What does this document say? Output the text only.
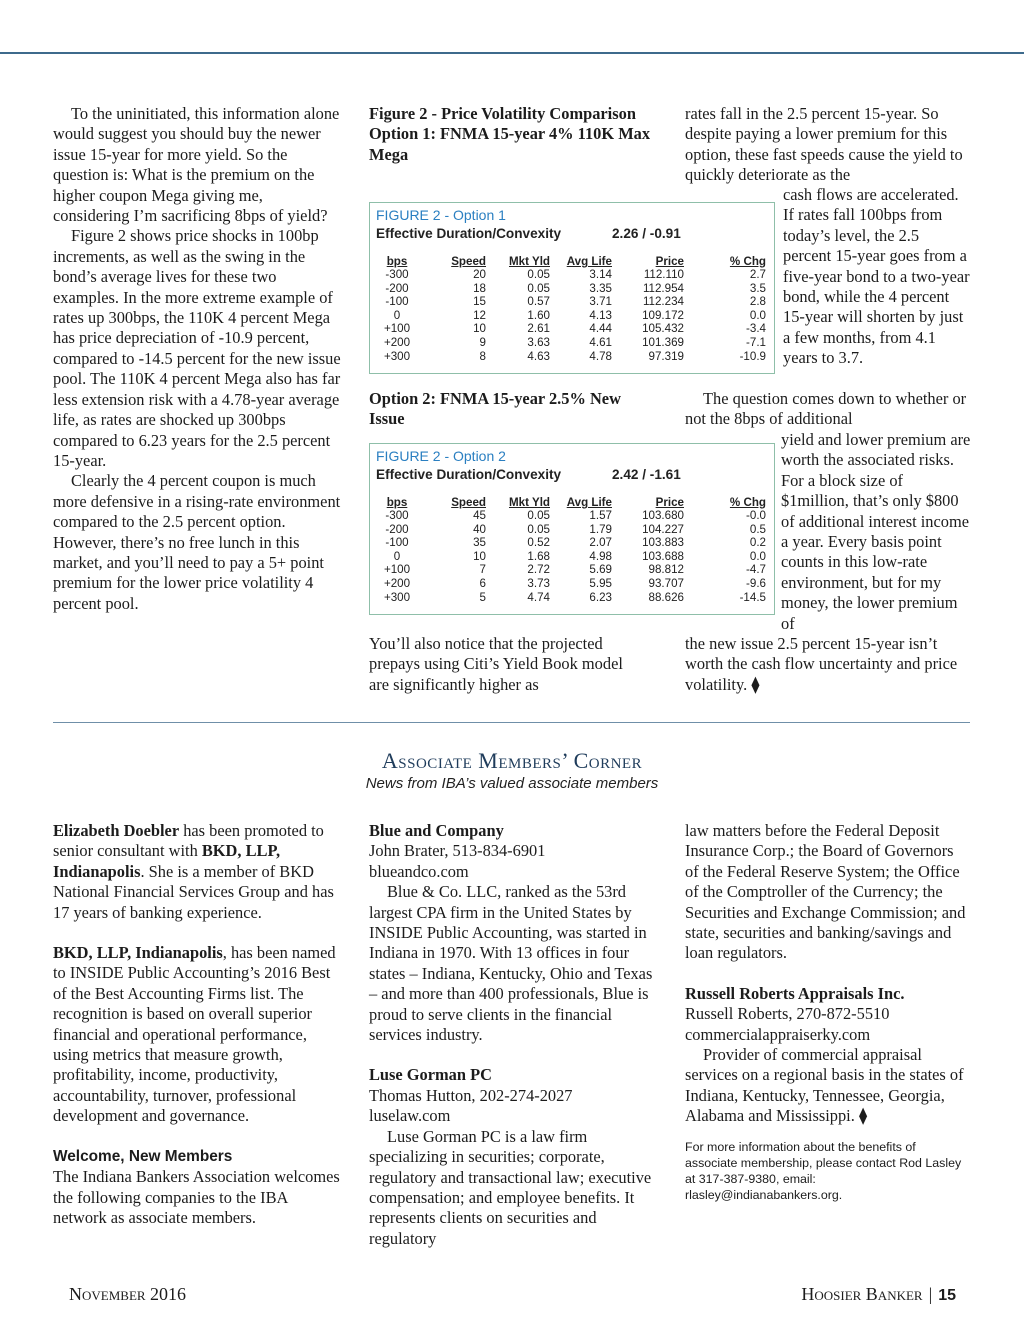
To the uninitiated, this information alone would suggest you should buy the newer issue 15-year for more yield. So the question is: What is the premium on the higher coupon Mega giving me, considering I’m sacrificing 8bps of yield?

Figure 2 shows price shocks in 100bp increments, as well as the swing in the bond’s average lives for these two examples. In the more extreme example of rates up 300bps, the 110K 4 percent Mega has price depreciation of -10.9 percent, compared to -14.5 percent for the new issue pool. The 110K 4 percent Mega also has far less extension risk with a 4.78-year average life, as rates are shocked up 300bps compared to 6.23 years for the 2.5 percent 15-year.

Clearly the 4 percent coupon is much more defensive in a rising-rate environment compared to the 2.5 percent option. However, there’s no free lunch in this market, and you’ll need to pay a 5+ point premium for the lower price volatility 4 percent pool.

Figure 2 - Price Volatility Comparison

Option 1: FNMA 15-year 4% 110K Max Mega

FIGURE 2 - Option 1
Effective Duration/Convexity	2.26 / -0.91
bps	Speed	Mkt Yld	Avg Life	Price	% Chg
-300	20	0.05	3.14	112.110	2.7
-200	18	0.05	3.35	112.954	3.5
-100	15	0.57	3.71	112.234	2.8
0	12	1.60	4.13	109.172	0.0
+100	10	2.61	4.44	105.432	-3.4
+200	9	3.63	4.61	101.369	-7.1
+300	8	4.63	4.78	97.319	-10.9

Option 2: FNMA 15-year 2.5% New Issue

FIGURE 2 - Option 2
Effective Duration/Convexity	2.42 / -1.61
bps	Speed	Mkt Yld	Avg Life	Price	% Chg
-300	45	0.05	1.57	103.680	-0.0
-200	40	0.05	1.79	104.227	0.5
-100	35	0.52	2.07	103.883	0.2
0	10	1.68	4.98	103.688	0.0
+100	7	2.72	5.69	98.812	-4.7
+200	6	3.73	5.95	93.707	-9.6
+300	5	4.74	6.23	88.626	-14.5

You’ll also notice that the projected prepays using Citi’s Yield Book model are significantly higher as

rates fall in the 2.5 percent 15-year. So despite paying a lower premium for this option, these fast speeds cause the yield to quickly deteriorate as the

cash flows are accelerated. If rates fall 100bps from today’s level, the 2.5 percent 15-year goes from a five-year bond to a two-year bond, while the 4 percent 15-year will shorten by just a few months, from 4.1 years to 3.7.

The question comes down to whether or not the 8bps of additional

yield and lower premium are worth the associated risks. For a block size of $1million, that’s only $800 of additional interest income a year. Every basis point counts in this low-rate environment, but for my money, the lower premium of

the new issue 2.5 percent 15-year isn’t worth the cash flow uncertainty and price volatility. ⧫

Associate Members’ Corner
News from IBA’s valued associate members

Elizabeth Doebler has been promoted to senior consultant with BKD, LLP, Indianapolis. She is a member of BKD National Financial Services Group and has 17 years of banking experience.

BKD, LLP, Indianapolis, has been named to INSIDE Public Accounting’s 2016 Best of the Best Accounting Firms list. The recognition is based on overall superior financial and operational performance, using metrics that measure growth, profitability, income, productivity, accountability, turnover, professional development and governance.

Welcome, New Members

The Indiana Bankers Association welcomes the following companies to the IBA network as associate members.

Blue and Company

John Brater, 513-834-6901

blueandco.com

Blue & Co. LLC, ranked as the 53rd largest CPA firm in the United States by INSIDE Public Accounting, was started in Indiana in 1970. With 13 offices in four states – Indiana, Kentucky, Ohio and Texas – and more than 400 professionals, Blue is proud to serve clients in the financial services industry.

Luse Gorman PC

Thomas Hutton, 202-274-2027

luselaw.com

Luse Gorman PC is a law firm specializing in securities; corporate, regulatory and transactional law; executive compensation; and employee benefits. It represents clients on securities and regulatory

law matters before the Federal Deposit Insurance Corp.; the Board of Governors of the Federal Reserve System; the Office of the Comptroller of the Currency; the Securities and Exchange Commission; and state, securities and banking/savings and loan regulators.

Russell Roberts Appraisals Inc.

Russell Roberts, 270-872-5510

commercialappraiserky.com

Provider of commercial appraisal services on a regional basis in the states of Indiana, Kentucky, Tennessee, Georgia, Alabama and Mississippi. ⧫

For more information about the benefits of associate membership, please contact Rod Lasley at 317-387-9380, email: rlasley@indianabankers.org.

November 2016	Hoosier Banker | 15
